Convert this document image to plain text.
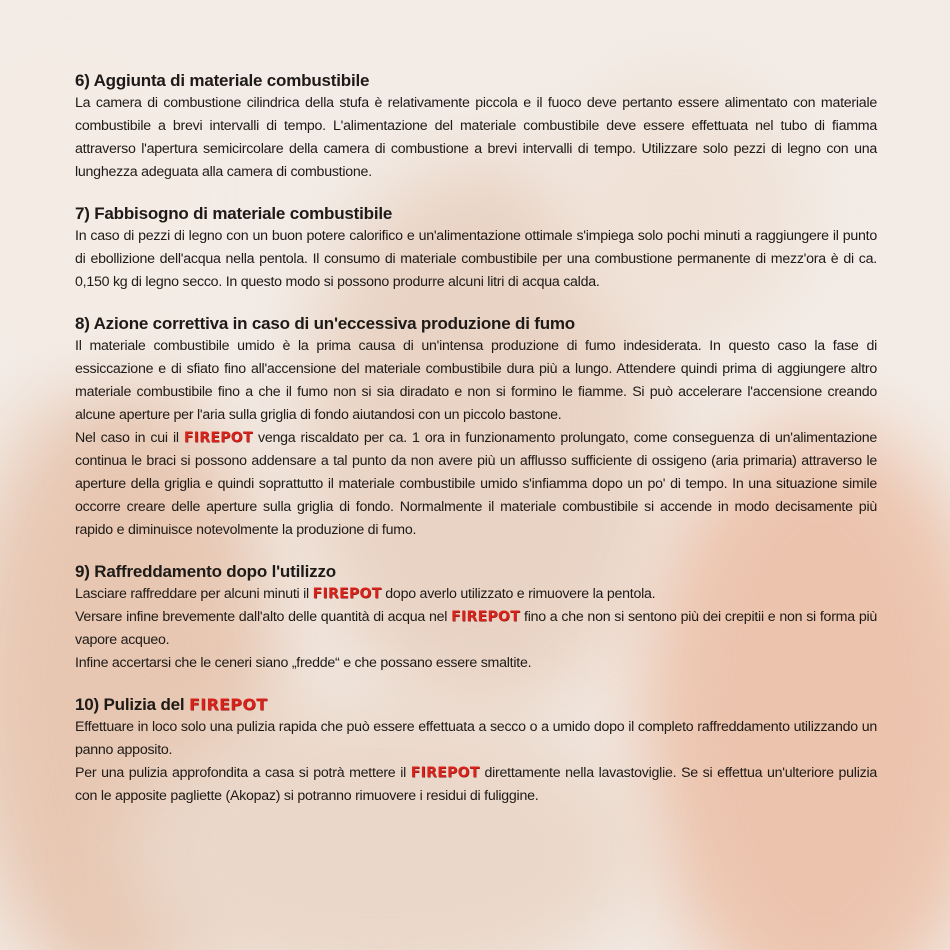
6) Aggiunta di materiale combustibile

La camera di combustione cilindrica della stufa è relativamente piccola e il fuoco deve pertanto essere alimentato con materiale combustibile a brevi intervalli di tempo. L'alimentazione del materiale combustibile deve essere effettuata nel tubo di fiamma attraverso l'apertura semicircolare della camera di combustione a brevi intervalli di tempo. Utilizzare solo pezzi di legno con una lunghezza adeguata alla camera di combustione.

7) Fabbisogno di materiale combustibile

In caso di pezzi di legno con un buon potere calorifico e un'alimentazione ottimale s'impiega solo pochi minuti a raggiungere il punto di ebollizione dell'acqua nella pentola. Il consumo di materiale combustibile per una combustione permanente di mezz'ora è di ca. 0,150 kg di legno secco. In questo modo si possono produrre alcuni litri di acqua calda.

8) Azione correttiva in caso di un'eccessiva produzione di fumo

Il materiale combustibile umido è la prima causa di un'intensa produzione di fumo indesiderata. In questo caso la fase di essiccazione e di sfiato fino all'accensione del materiale combustibile dura più a lungo. Attendere quindi prima di aggiungere altro materiale combustibile fino a che il fumo non si sia diradato e non si formino le fiamme. Si può accelerare l'accensione creando alcune aperture per l'aria sulla griglia di fondo aiutandosi con un piccolo bastone.

Nel caso in cui il FIREPOT venga riscaldato per ca. 1 ora in funzionamento prolungato, come conseguenza di un'alimentazione continua le braci si possono addensare a tal punto da non avere più un afflusso sufficiente di ossigeno (aria primaria) attraverso le aperture della griglia e quindi soprattutto il materiale combustibile umido s'infiamma dopo un po' di tempo. In una situazione simile occorre creare delle aperture sulla griglia di fondo. Normalmente il materiale combustibile si accende in modo decisamente più rapido e diminuisce notevolmente la produzione di fumo.

9) Raffreddamento dopo l'utilizzo

Lasciare raffreddare per alcuni minuti il FIREPOT dopo averlo utilizzato e rimuovere la pentola.

Versare infine brevemente dall'alto delle quantità di acqua nel FIREPOT fino a che non si sentono più dei crepitii e non si forma più vapore acqueo.

Infine accertarsi che le ceneri siano „fredde“ e che possano essere smaltite.

10) Pulizia del FIREPOT

Effettuare in loco solo una pulizia rapida che può essere effettuata a secco o a umido dopo il completo raffreddamento utilizzando un panno apposito.

Per una pulizia approfondita a casa si potrà mettere il FIREPOT direttamente nella lavastoviglie. Se si effettua un'ulteriore pulizia con le apposite pagliette (Akopaz) si potranno rimuovere i residui di fuliggine.
